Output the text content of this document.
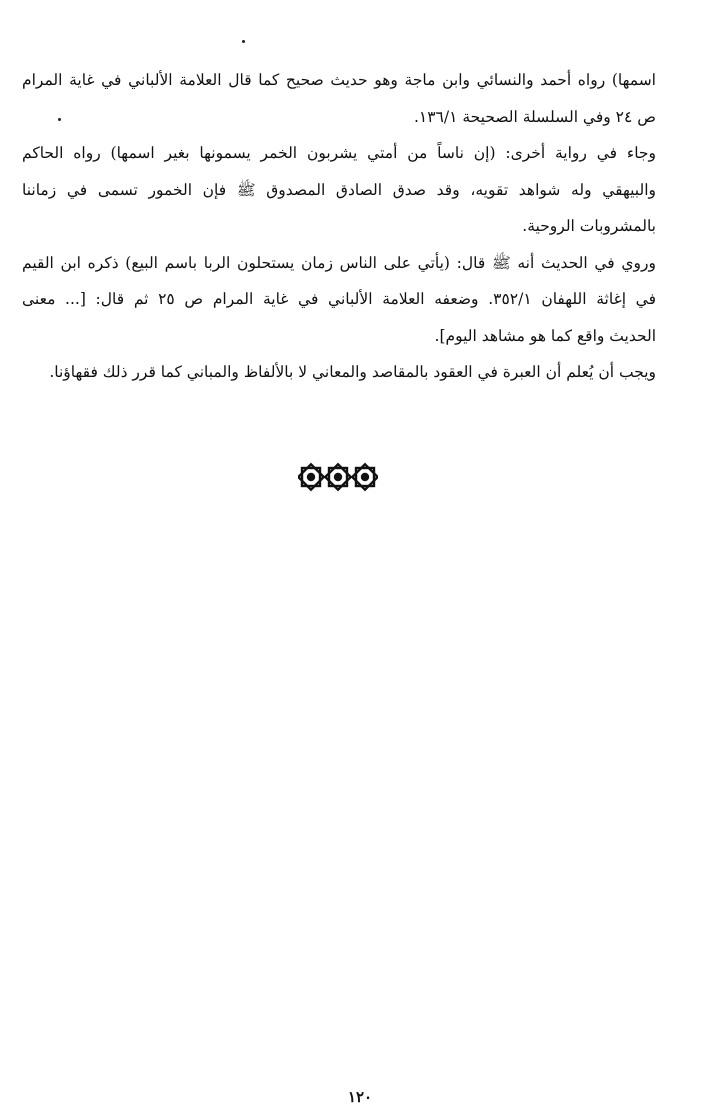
اسمها) رواه أحمد والنسائي وابن ماجة وهو حديث صحيح كما قال العلامة الألباني في غاية المرام
ص ٢٤ وفي السلسلة الصحيحة ١٣٦/١.
وجاء في رواية أخرى: (إن ناساً من أمتي يشربون الخمر يسمونها بغير اسمها) رواه الحاكم
والبيهقي وله شواهد تقويه، وقد صدق الصادق المصدوق ﷺ فإن الخمور تسمى في زماننا
بالمشروبات الروحية.
وروي في الحديث أنه ﷺ قال: (يأتي على الناس زمان يستحلون الربا باسم البيع) ذكره ابن القيم
في إغاثة اللهفان ٣٥٢/١. وضعفه العلامة الألباني في غاية المرام ص ٢٥ ثم قال: [... معنى
الحديث واقع كما هو مشاهد اليوم].
ويجب أن يُعلم أن العبرة في العقود بالمقاصد والمعاني لا بالألفاظ والمباني كما قرر ذلك فقهاؤنا.
١٢٠
